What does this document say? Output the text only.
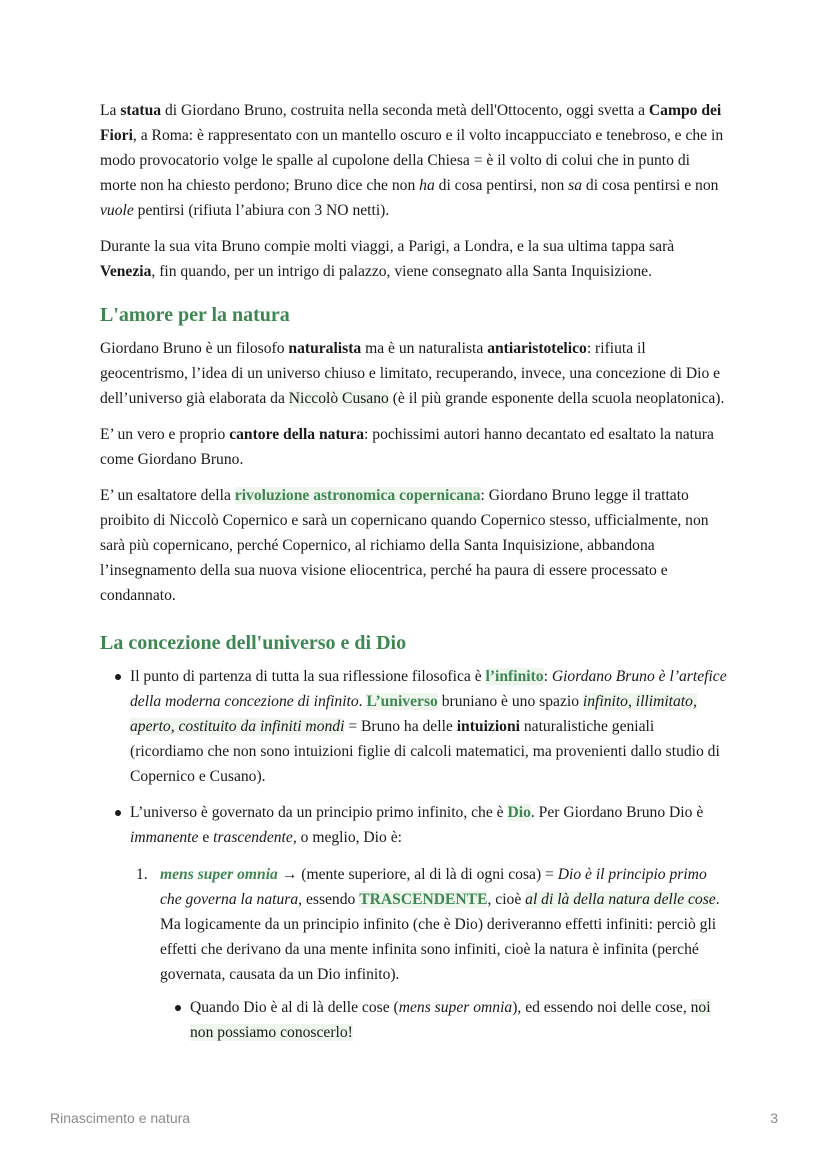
La statua di Giordano Bruno, costruita nella seconda metà dell'Ottocento, oggi svetta a Campo dei Fiori, a Roma: è rappresentato con un mantello oscuro e il volto incappucciato e tenebroso, e che in modo provocatorio volge le spalle al cupolone della Chiesa = è il volto di colui che in punto di morte non ha chiesto perdono; Bruno dice che non ha di cosa pentirsi, non sa di cosa pentirsi e non vuole pentirsi (rifiuta l’abiura con 3 NO netti).

Durante la sua vita Bruno compie molti viaggi, a Parigi, a Londra, e la sua ultima tappa sarà Venezia, fin quando, per un intrigo di palazzo, viene consegnato alla Santa Inquisizione.

L'amore per la natura

Giordano Bruno è un filosofo naturalista ma è un naturalista antiaristotelico: rifiuta il geocentrismo, l’idea di un universo chiuso e limitato, recuperando, invece, una concezione di Dio e dell’universo già elaborata da Niccolò Cusano (è il più grande esponente della scuola neoplatonica).

E’ un vero e proprio cantore della natura: pochissimi autori hanno decantato ed esaltato la natura come Giordano Bruno.

E’ un esaltatore della rivoluzione astronomica copernicana: Giordano Bruno legge il trattato proibito di Niccolò Copernico e sarà un copernicano quando Copernico stesso, ufficialmente, non sarà più copernicano, perché Copernico, al richiamo della Santa Inquisizione, abbandona l’insegnamento della sua nuova visione eliocentrica, perché ha paura di essere processato e condannato.

La concezione dell'universo e di Dio
Il punto di partenza di tutta la sua riflessione filosofica è l’infinito: Giordano Bruno è l’artefice della moderna concezione di infinito. L’universo bruniano è uno spazio infinito, illimitato, aperto, costituito da infiniti mondi = Bruno ha delle intuizioni naturalistiche geniali (ricordiamo che non sono intuizioni figlie di calcoli matematici, ma provenienti dallo studio di Copernico e Cusano).
L’universo è governato da un principio primo infinito, che è Dio. Per Giordano Bruno Dio è immanente e trascendente, o meglio, Dio è:
1. mens super omnia → (mente superiore, al di là di ogni cosa) = Dio è il principio primo che governa la natura, essendo TRASCENDENTE, cioè al di là della natura delle cose. Ma logicamente da un principio infinito (che è Dio) deriveranno effetti infiniti: perciò gli effetti che derivano da una mente infinita sono infiniti, cioè la natura è infinita (perché governata, causata da un Dio infinito).
Quando Dio è al di là delle cose (mens super omnia), ed essendo noi delle cose, noi non possiamo conoscerlo!
Rinascimento e natura	3
